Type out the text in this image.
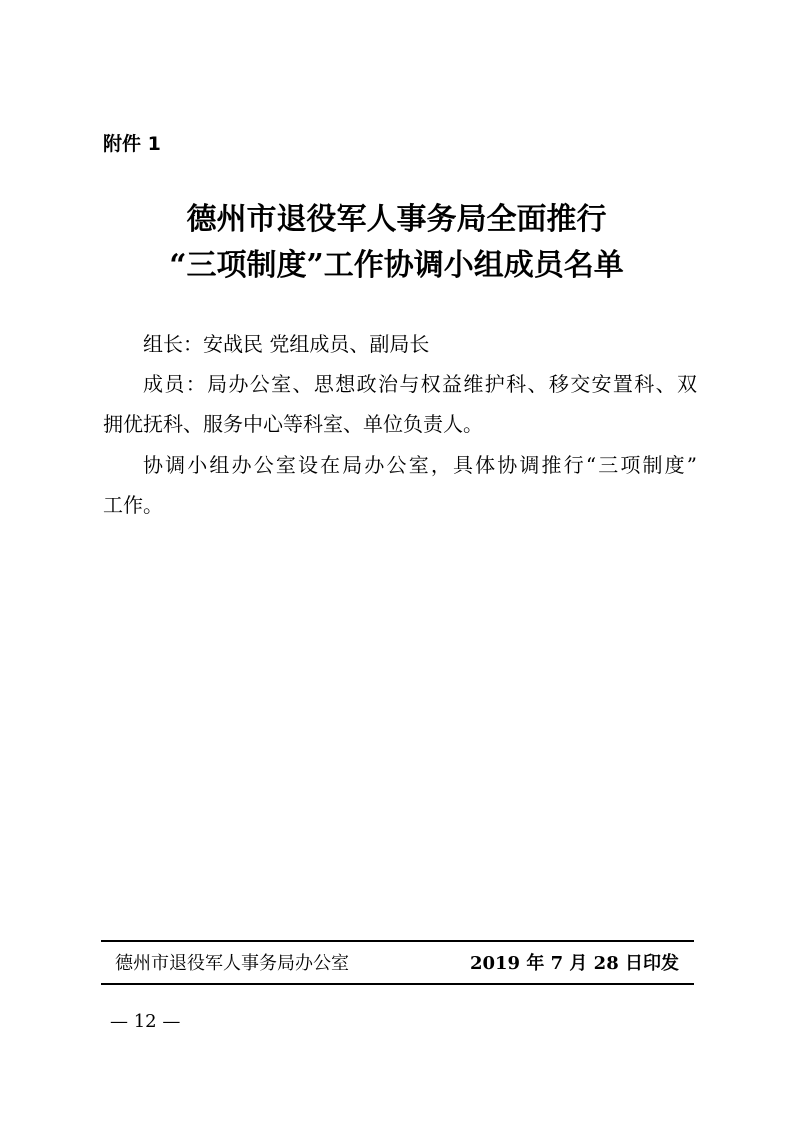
附件 1
德州市退役军人事务局全面推行
“三项制度”工作协调小组成员名单
组长：安战民 党组成员、副局长
成员：局办公室、思想政治与权益维护科、移交安置科、双
拥优抚科、服务中心等科室、单位负责人。
协调小组办公室设在局办公室，具体协调推行“三项制度”
工作。
德州市退役军人事务局办公室	2019 年 7 月 28 日印发
— 12 —
